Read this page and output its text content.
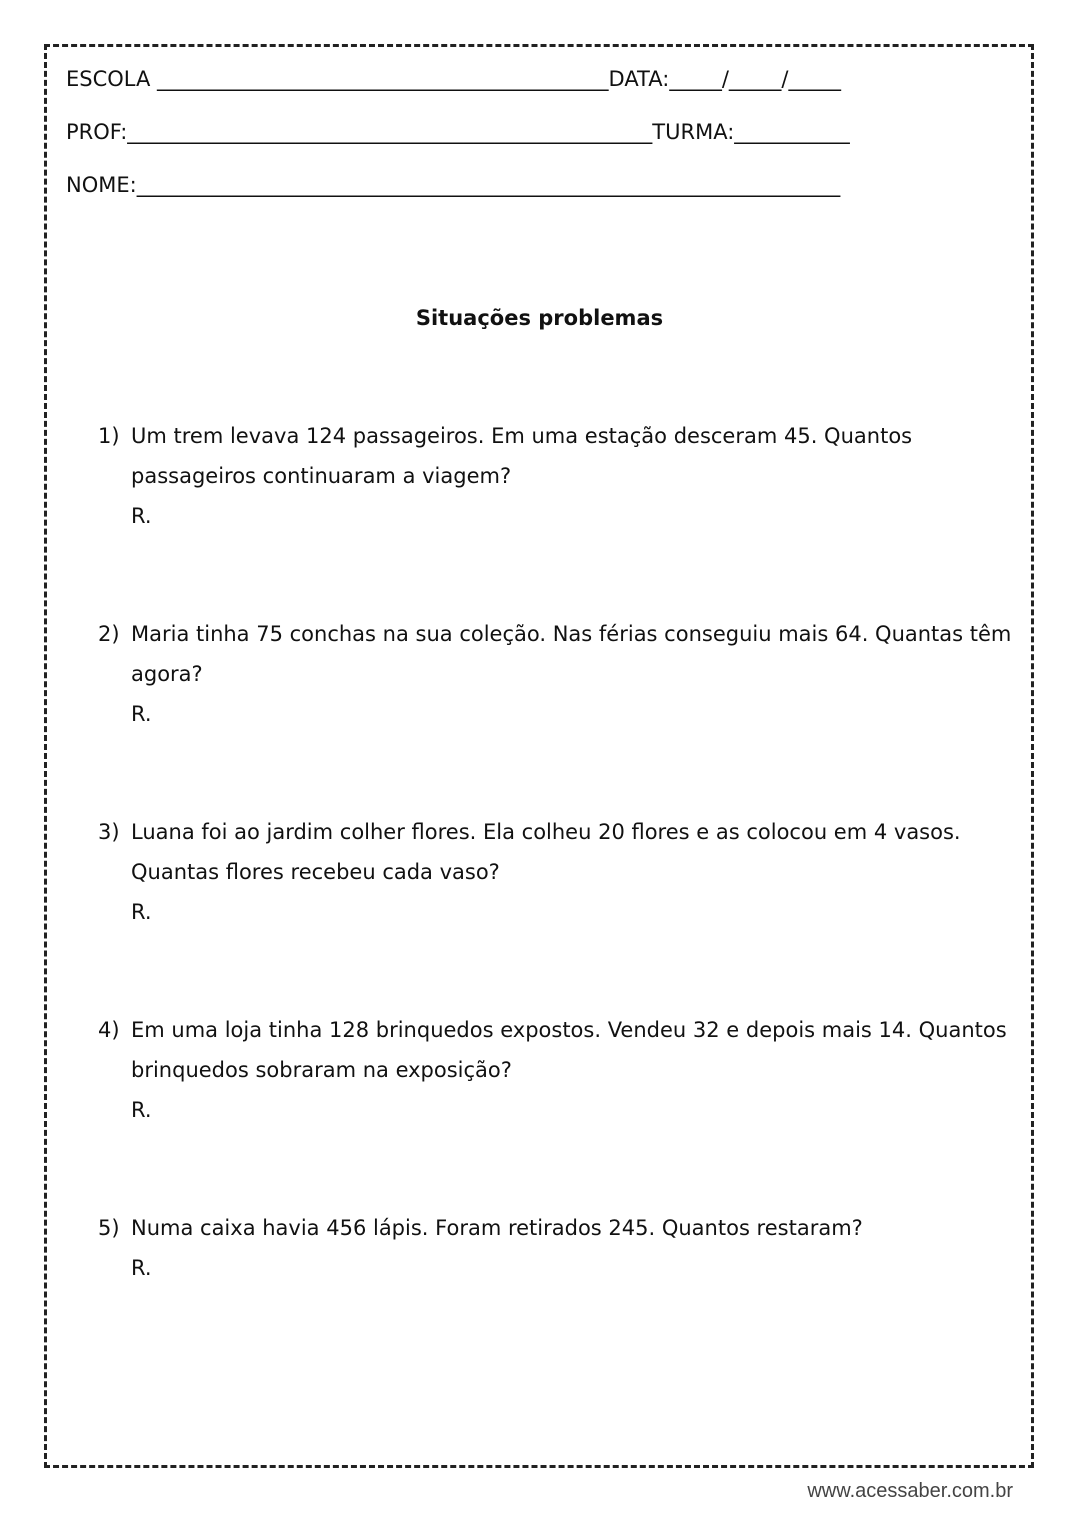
ESCOLA ___________________________________________DATA:_____/_____/_____
PROF:__________________________________________________TURMA:___________
NOME:___________________________________________________________________
Situações problemas
1) Um trem levava 124 passageiros. Em uma estação desceram 45. Quantos passageiros continuaram a viagem?
R.
2) Maria tinha 75 conchas na sua coleção. Nas férias conseguiu mais 64. Quantas têm agora?
R.
3) Luana foi ao jardim colher flores. Ela colheu 20 flores e as colocou em 4 vasos. Quantas flores recebeu cada vaso?
R.
4) Em uma loja tinha 128 brinquedos expostos. Vendeu 32 e depois mais 14. Quantos brinquedos sobraram na exposição?
R.
5) Numa caixa havia 456 lápis. Foram retirados 245. Quantos restaram?
R.
www.acessaber.com.br
